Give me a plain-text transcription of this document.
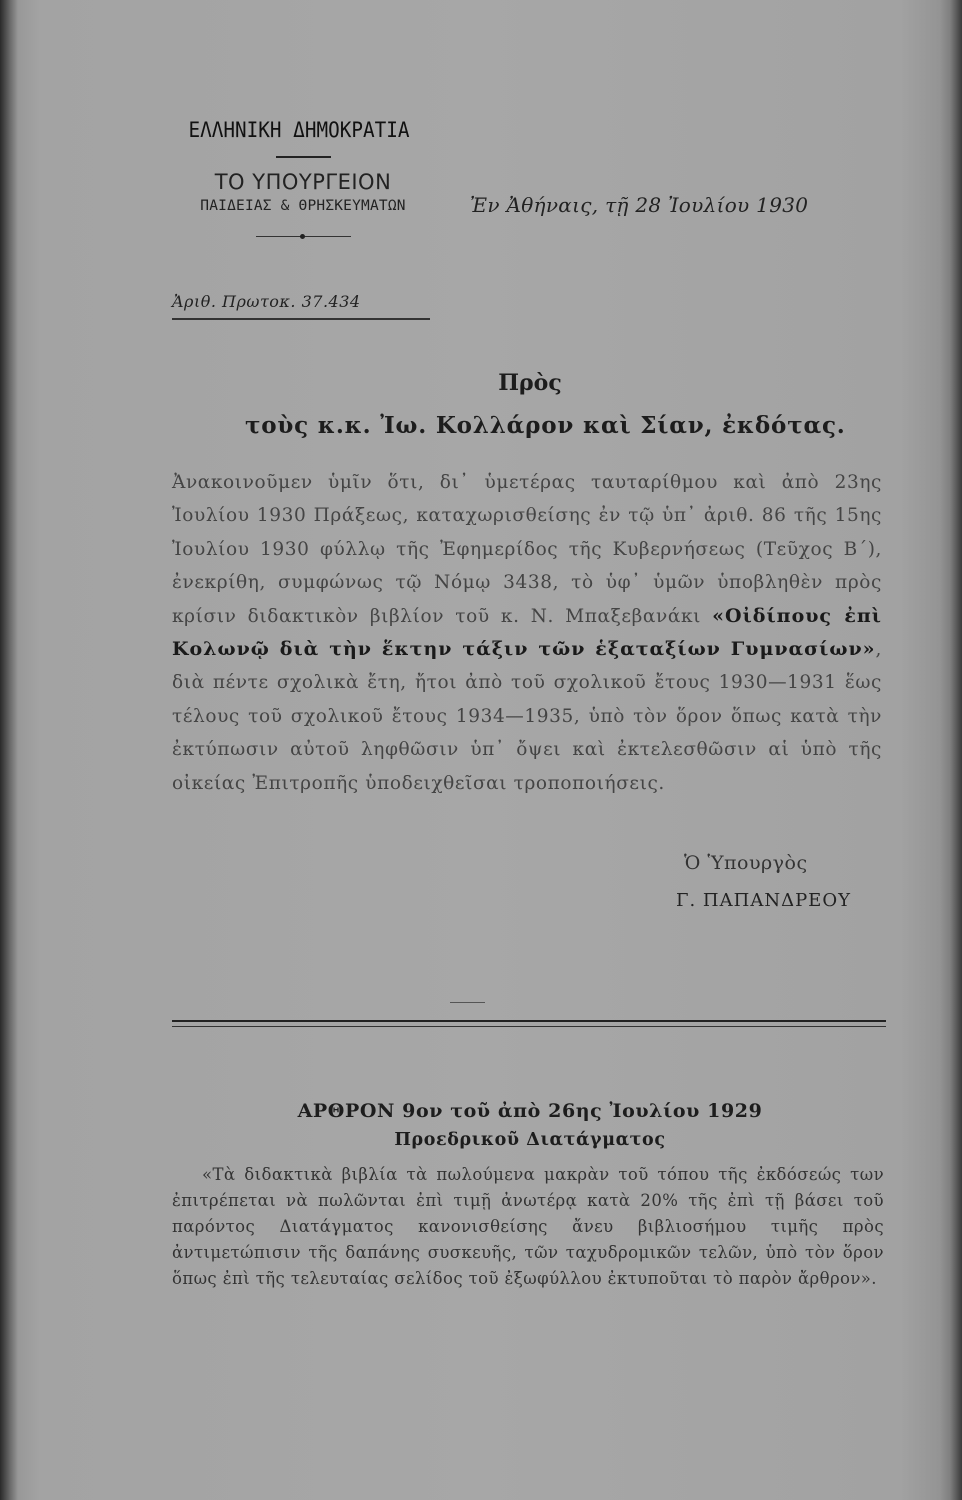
ΕΛΛΗΝΙΚΗ ΔΗΜΟΚΡΑΤΙΑ
ΤΟ ΥΠΟΥΡΓΕΙΟΝ
ΠΑΙΔΕΙΑΣ & ΘΡΗΣΚΕΥΜΑΤΩΝ	Ἐν Ἀθήναις, τῇ 28 Ἰουλίου 1930
Ἀριθ. Πρωτοκ. 37.434
Πρὸς
τοὺς κ.κ. Ἰω. Κολλάρον καὶ Σίαν, ἐκδότας.
Ἀνακοινοῦμεν ὑμῖν ὅτι, δι᾽ ὑμετέρας ταυταρίθμου καὶ ἀπὸ 23ης Ἰουλίου 1930 Πράξεως, καταχωρισθείσης ἐν τῷ ὑπ᾽ ἀριθ. 86 τῆς 15ης Ἰουλίου 1930 φύλλῳ τῆς Ἐφημερίδος τῆς Κυβερνήσεως (Τεῦχος Β΄), ἐνεκρίθη, συμφώνως τῷ Νόμῳ 3438, τὸ ὑφ᾽ ὑμῶν ὑποβληθὲν πρὸς κρίσιν διδακτικὸν βιβλίον τοῦ κ. Ν. Μπαξεβανάκι «Οἰδίπους ἐπὶ Κολωνῷ διὰ τὴν ἕκτην τάξιν τῶν ἑξαταξίων Γυμνασίων», διὰ πέντε σχολικὰ ἔτη, ἤτοι ἀπὸ τοῦ σχολικοῦ ἔτους 1930—1931 ἕως τέλους τοῦ σχολικοῦ ἔτους 1934—1935, ὑπὸ τὸν ὅρον ὅπως κατὰ τὴν ἐκτύπωσιν αὐτοῦ ληφθῶσιν ὑπ᾽ ὄψει καὶ ἐκτελεσθῶσιν αἱ ὑπὸ τῆς οἰκείας Ἐπιτροπῆς ὑποδειχθεῖσαι τροποποιήσεις.
Ὁ Ὑπουργὸς
Γ. ΠΑΠΑΝΔΡΕΟΥ
ΑΡΘΡΟΝ 9ον τοῦ ἀπὸ 26ης Ἰουλίου 1929
Προεδρικοῦ Διατάγματος
«Τὰ διδακτικὰ βιβλία τὰ πωλούμενα μακρὰν τοῦ τόπου τῆς ἐκδόσεώς των ἐπιτρέπεται νὰ πωλῶνται ἐπὶ τιμῇ ἀνωτέρᾳ κατὰ 20% τῆς ἐπὶ τῇ βάσει τοῦ παρόντος Διατάγματος κανονισθείσης ἄνευ βιβλιοσήμου τιμῆς πρὸς ἀντιμετώπισιν τῆς δαπάνης συσκευῆς, τῶν ταχυδρομικῶν τελῶν, ὑπὸ τὸν ὅρον ὅπως ἐπὶ τῆς τελευταίας σελίδος τοῦ ἐξωφύλλου ἐκτυποῦται τὸ παρὸν ἄρθρον».
